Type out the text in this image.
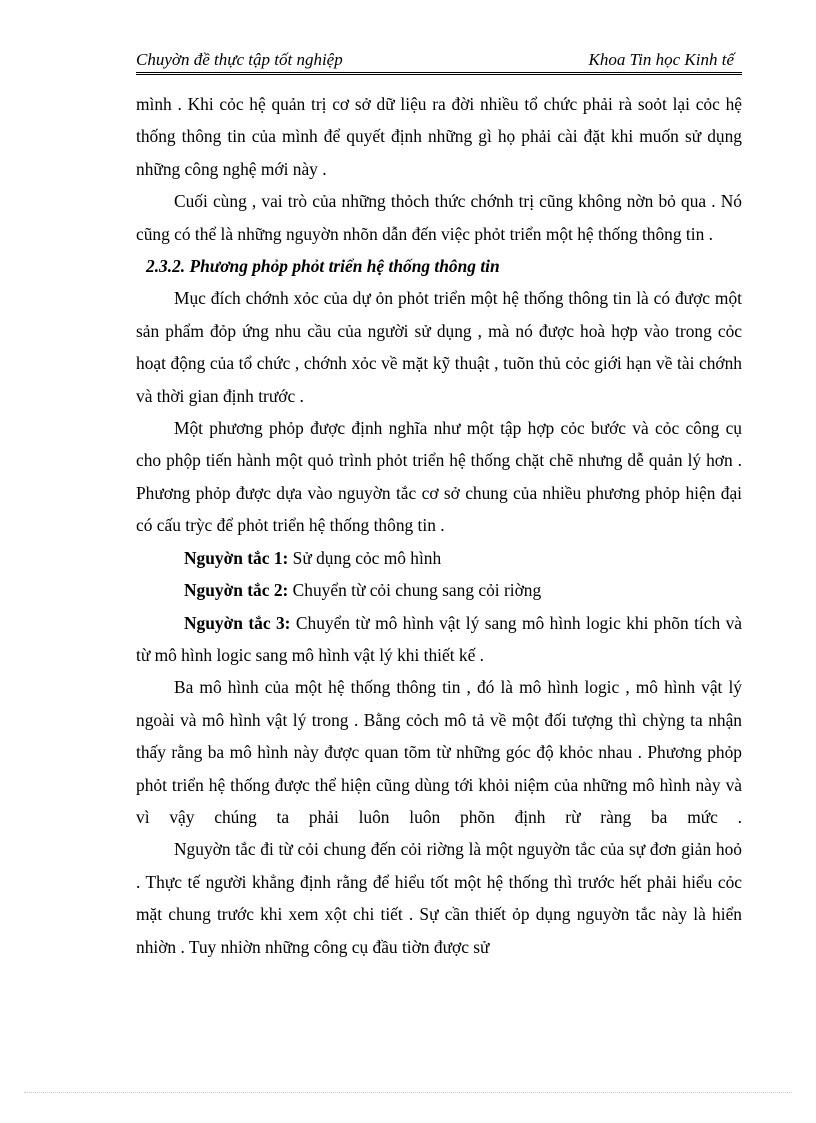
Chuyờn đề thực tập tốt nghiệp	Khoa Tin học Kinh tế

mình . Khi cỏc hệ quản trị cơ sở dữ liệu ra đời nhiều tổ chức phải rà soỏt lại cỏc hệ thống thông tin của mình để quyết định những gì họ phải cài đặt khi muốn sử dụng những công nghệ mới này .

Cuối cùng , vai trò của những thỏch thức chớnh trị cũng không nờn bỏ qua . Nó cũng có thể là những nguyờn nhõn dẫn đến việc phỏt triển một hệ thống thông tin .

2.3.2. Phương phỏp phỏt triển hệ thống thông tin

Mục đích chớnh xỏc của dự ỏn phỏt triển một hệ thống thông tin là có được một sản phẩm đỏp ứng nhu cầu của người sử dụng , mà nó được hoà hợp vào trong cỏc hoạt động của tổ chức , chớnh xỏc về mặt kỹ thuật , tuõn thủ cỏc giới hạn về tài chớnh và thời gian định trước .

Một phương phỏp được định nghĩa như một tập hợp cỏc bước và cỏc công cụ cho phộp tiến hành một quỏ trình phỏt triển hệ thống chặt chẽ nhưng dễ quản lý hơn . Phương phỏp được dựa vào nguyờn tắc cơ sở chung của nhiều phương phỏp hiện đại có cấu trỳc để phỏt triển hệ thống thông tin .

Nguyờn tắc 1: Sử dụng cỏc mô hình

Nguyờn tắc 2: Chuyển từ cỏi chung sang cỏi riờng

Nguyờn tắc 3: Chuyển từ mô hình vật lý sang mô hình logic khi phõn tích và từ mô hình logic sang mô hình vật lý khi thiết kế .

Ba mô hình của một hệ thống thông tin , đó là mô hình logic , mô hình vật lý ngoài và mô hình vật lý trong . Bằng cỏch mô tả về một đối tượng thì chỳng ta nhận thấy rằng ba mô hình này được quan tõm từ những góc độ khỏc nhau . Phương phỏp phỏt triển hệ thống được thể hiện cũng dùng tới khỏi niệm của những mô hình này và vì vậy chúng ta phải luôn luôn phõn định rừ ràng ba mức .

Nguyờn tắc đi từ cỏi chung đến cỏi riờng là một nguyờn tắc của sự đơn giản hoỏ . Thực tế người khẳng định rằng để hiểu tốt một hệ thống thì trước hết phải hiểu cỏc mặt chung trước khi xem xột chi tiết . Sự cần thiết ỏp dụng nguyờn tắc này là hiển nhiờn . Tuy nhiờn những công cụ đầu tiờn được sử
